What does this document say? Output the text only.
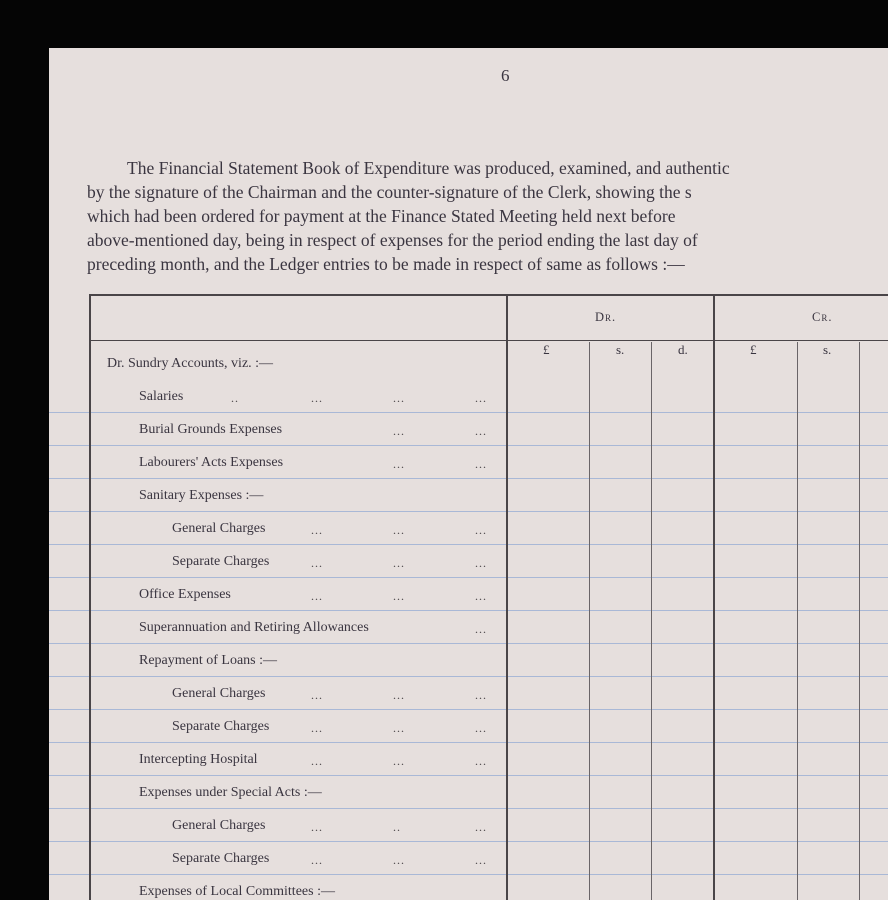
6
The Financial Statement Book of Expenditure was produced, examined, and authentic
by the signature of the Chairman and the counter-signature of the Clerk, showing the s
which had been ordered for payment at the Finance Stated Meeting held next before
above-mentioned day, being in respect of expenses for the period ending the last day of
preceding month, and the Ledger entries to be made in respect of same as follows :—
Dr.	Cr.
£	s.	d.	£	s.
Dr. Sundry Accounts, viz. :—
Salaries	..	...	...	...
Burial Grounds Expenses	...	...
Labourers' Acts Expenses	...	...
Sanitary Expenses :—
General Charges	...	...	...
Separate Charges	...	...	...
Office Expenses	...	...	...
Superannuation and Retiring Allowances	...
Repayment of Loans :—
General Charges	...	...	...
Separate Charges	...	...	...
Intercepting Hospital	...	...	...
Expenses under Special Acts :—
General Charges	...	..	...
Separate Charges	...	...	...
Expenses of Local Committees :—
